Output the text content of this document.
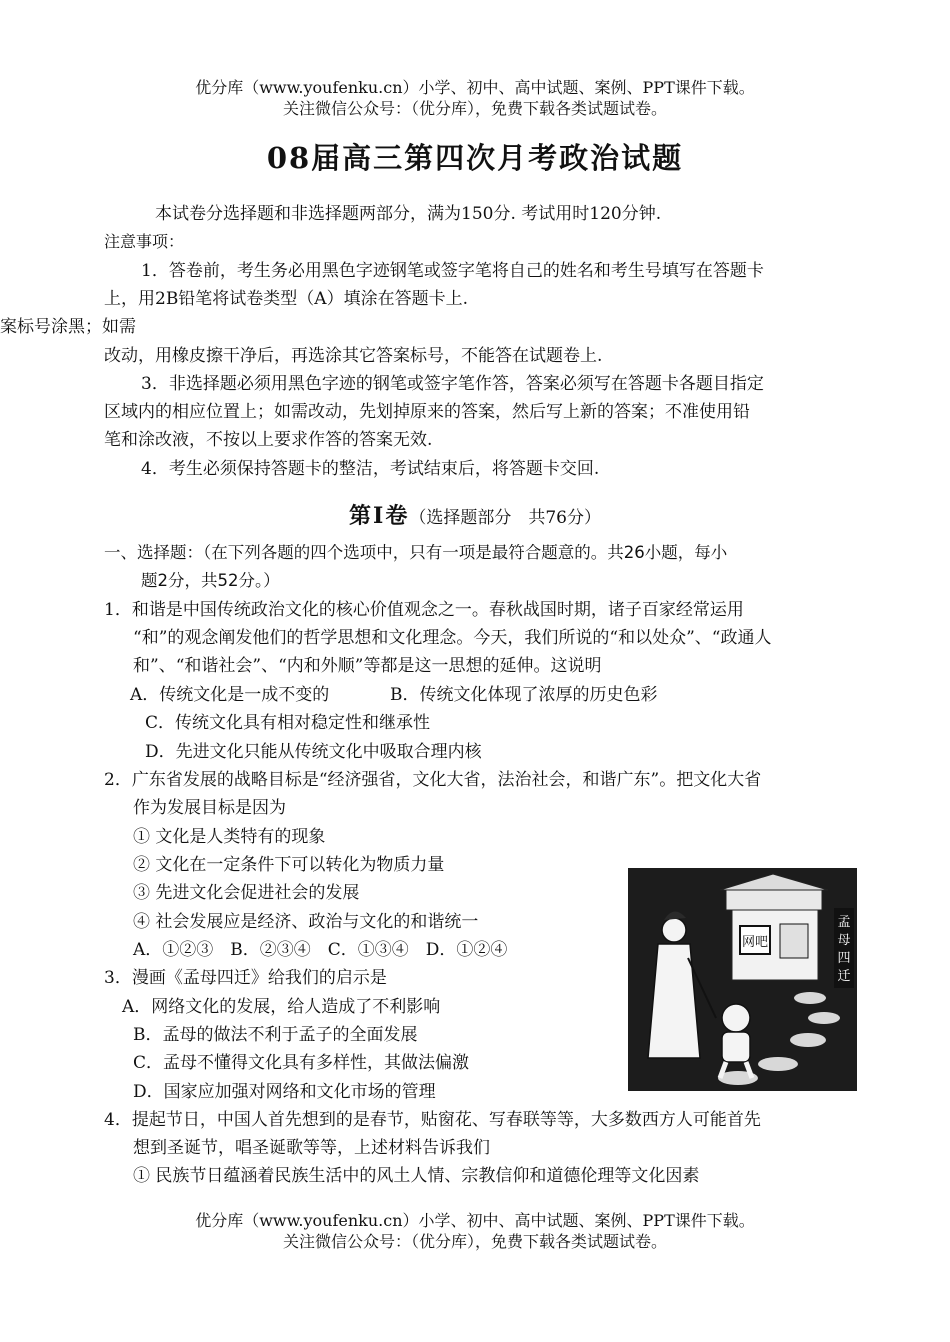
优分库（www.youfenku.cn）小学、初中、高中试题、案例、PPT课件下载。
关注微信公众号：（优分库），免费下载各类试题试卷。
08届高三第四次月考政治试题
本试卷分选择题和非选择题两部分，满为150分. 考试用时120分钟.
注意事项：
1．答卷前，考生务必用黑色字迹钢笔或签字笔将自己的姓名和考生号填写在答题卡
上，用2B铅笔将试卷类型（A）填涂在答题卡上.
案标号涂黑；如需
改动，用橡皮擦干净后，再选涂其它答案标号，不能答在试题卷上.
3．非选择题必须用黑色字迹的钢笔或签字笔作答，答案必须写在答题卡各题目指定
区域内的相应位置上；如需改动，先划掉原来的答案，然后写上新的答案；不准使用铅
笔和涂改液，不按以上要求作答的答案无效.
4．考生必须保持答题卡的整洁，考试结束后，将答题卡交回.
第Ⅰ卷（选择题部分　共76分）
一、选择题：（在下列各题的四个选项中，只有一项是最符合题意的。共26小题，每小
题2分，共52分。）
1．和谐是中国传统政治文化的核心价值观念之一。春秋战国时期，诸子百家经常运用
“和”的观念阐发他们的哲学思想和文化理念。今天，我们所说的“和以处众”、“政通人
和”、“和谐社会”、“内和外顺”等都是这一思想的延伸。这说明
A．传统文化是一成不变的	B．传统文化体现了浓厚的历史色彩
C．传统文化具有相对稳定性和继承性
D．先进文化只能从传统文化中吸取合理内核
2．广东省发展的战略目标是“经济强省，文化大省，法治社会，和谐广东”。把文化大省
作为发展目标是因为
① 文化是人类特有的现象
② 文化在一定条件下可以转化为物质力量
③ 先进文化会促进社会的发展
④ 社会发展应是经济、政治与文化的和谐统一
A．①②③　B．②③④　C．①③④　D．①②④
3．漫画《孟母四迁》给我们的启示是
A．网络文化的发展，给人造成了不利影响
B．孟母的做法不利于孟子的全面发展
C．孟母不懂得文化具有多样性，其做法偏激
D．国家应加强对网络和文化市场的管理
4．提起节日，中国人首先想到的是春节，贴窗花、写春联等等，大多数西方人可能首先
想到圣诞节，唱圣诞歌等等，上述材料告诉我们
① 民族节日蕴涵着民族生活中的风土人情、宗教信仰和道德伦理等文化因素
网吧
孟
母
四
迁
优分库（www.youfenku.cn）小学、初中、高中试题、案例、PPT课件下载。
关注微信公众号：（优分库），免费下载各类试题试卷。
